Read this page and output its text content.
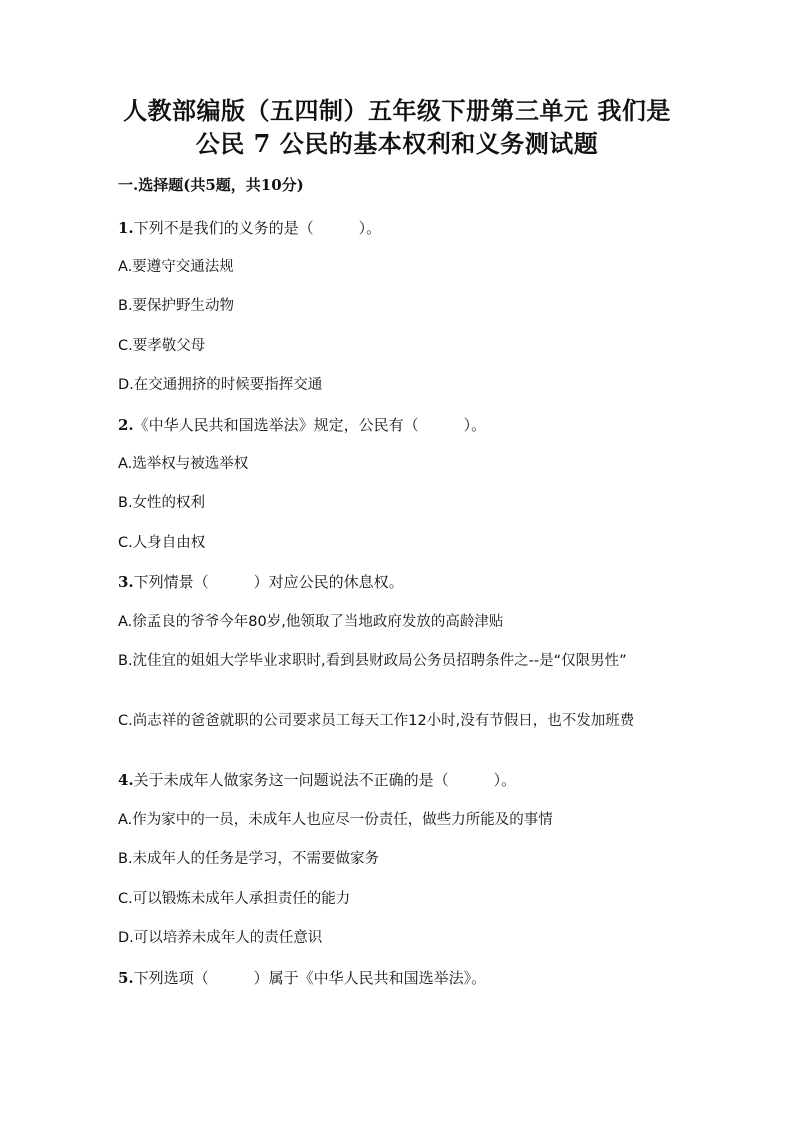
人教部编版（五四制）五年级下册第三单元 我们是
公民 7 公民的基本权利和义务测试题
一.选择题(共5题，共10分)
1.下列不是我们的义务的是（　　　）。
A.要遵守交通法规
B.要保护野生动物
C.要孝敬父母
D.在交通拥挤的时候要指挥交通
2.《中华人民共和国选举法》规定，公民有（　　　）。
A.选举权与被选举权
B.女性的权利
C.人身自由权
3.下列情景（　　　）对应公民的休息权。
A.徐孟良的爷爷今年80岁,他领取了当地政府发放的高龄津贴
B.沈佳宜的姐姐大学毕业求职时,看到县财政局公务员招聘条件之--是“仅限男性”
C.尚志祥的爸爸就职的公司要求员工每天工作12小时,没有节假日，也不发加班费
4.关于未成年人做家务这一问题说法不正确的是（　　　）。
A.作为家中的一员，未成年人也应尽一份责任，做些力所能及的事情
B.未成年人的任务是学习，不需要做家务
C.可以锻炼未成年人承担责任的能力
D.可以培养未成年人的责任意识
5.下列选项（　　　）属于《中华人民共和国选举法》。
